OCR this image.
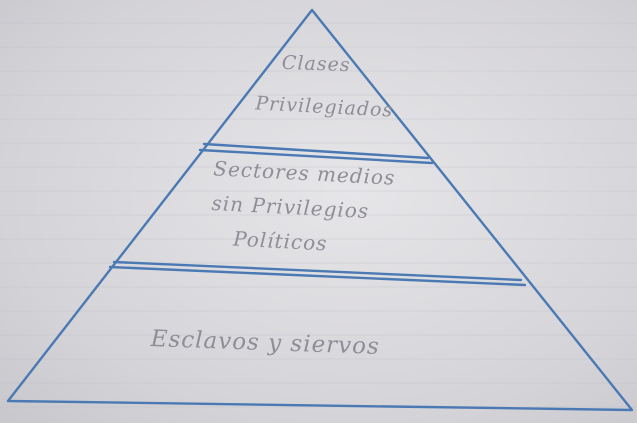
Clases
Privilegiados
Sectores medios
sin Privilegios
Políticos
Esclavos y siervos
